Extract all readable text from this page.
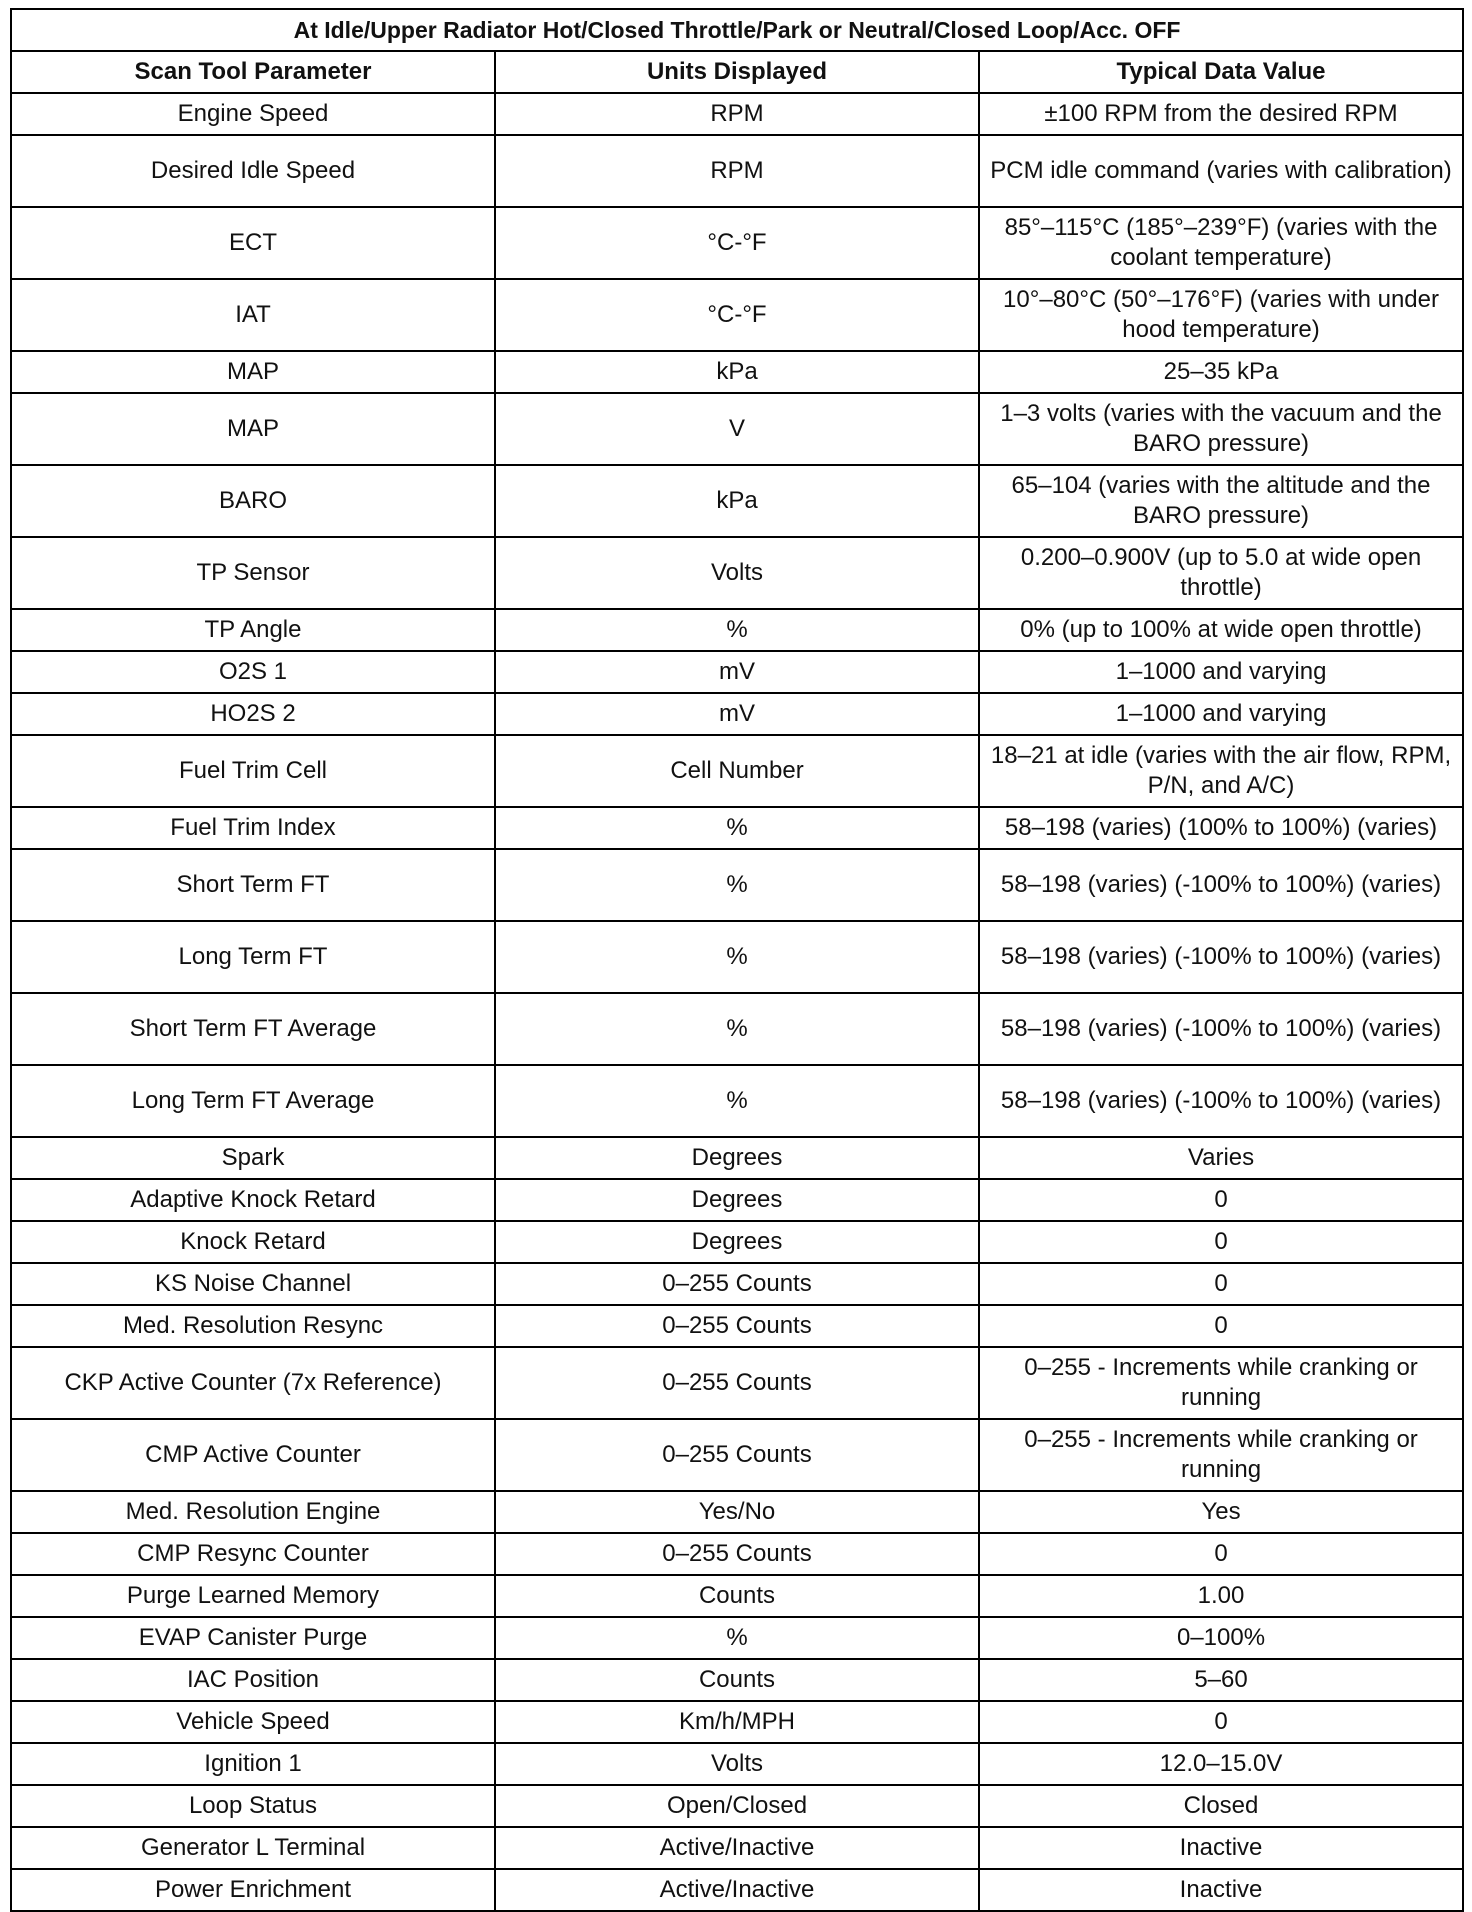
At Idle/Upper Radiator Hot/Closed Throttle/Park or Neutral/Closed Loop/Acc. OFF		
Scan Tool Parameter	Units Displayed	Typical Data Value
Engine Speed	RPM	±100 RPM from the desired RPM
Desired Idle Speed	RPM	PCM idle command (varies with calibration)
ECT	°C-°F	85°–115°C (185°–239°F) (varies with the coolant temperature)
IAT	°C-°F	10°–80°C (50°–176°F) (varies with under hood temperature)
MAP	kPa	25–35 kPa
MAP	V	1–3 volts (varies with the vacuum and the BARO pressure)
BARO	kPa	65–104 (varies with the altitude and the BARO pressure)
TP Sensor	Volts	0.200–0.900V (up to 5.0 at wide open throttle)
TP Angle	%	0% (up to 100% at wide open throttle)
O2S 1	mV	1–1000 and varying
HO2S 2	mV	1–1000 and varying
Fuel Trim Cell	Cell Number	18–21 at idle (varies with the air flow, RPM, P/N, and A/C)
Fuel Trim Index	%	58–198 (varies) (100% to 100%) (varies)
Short Term FT	%	58–198 (varies) (-100% to 100%) (varies)
Long Term FT	%	58–198 (varies) (-100% to 100%) (varies)
Short Term FT Average	%	58–198 (varies) (-100% to 100%) (varies)
Long Term FT Average	%	58–198 (varies) (-100% to 100%) (varies)
Spark	Degrees	Varies
Adaptive Knock Retard	Degrees	0
Knock Retard	Degrees	0
KS Noise Channel	0–255 Counts	0
Med. Resolution Resync	0–255 Counts	0
CKP Active Counter (7x Reference)	0–255 Counts	0–255 - Increments while cranking or running
CMP Active Counter	0–255 Counts	0–255 - Increments while cranking or running
Med. Resolution Engine	Yes/No	Yes
CMP Resync Counter	0–255 Counts	0
Purge Learned Memory	Counts	1.00
EVAP Canister Purge	%	0–100%
IAC Position	Counts	5–60
Vehicle Speed	Km/h/MPH	0
Ignition 1	Volts	12.0–15.0V
Loop Status	Open/Closed	Closed
Generator L Terminal	Active/Inactive	Inactive
Power Enrichment	Active/Inactive	Inactive
